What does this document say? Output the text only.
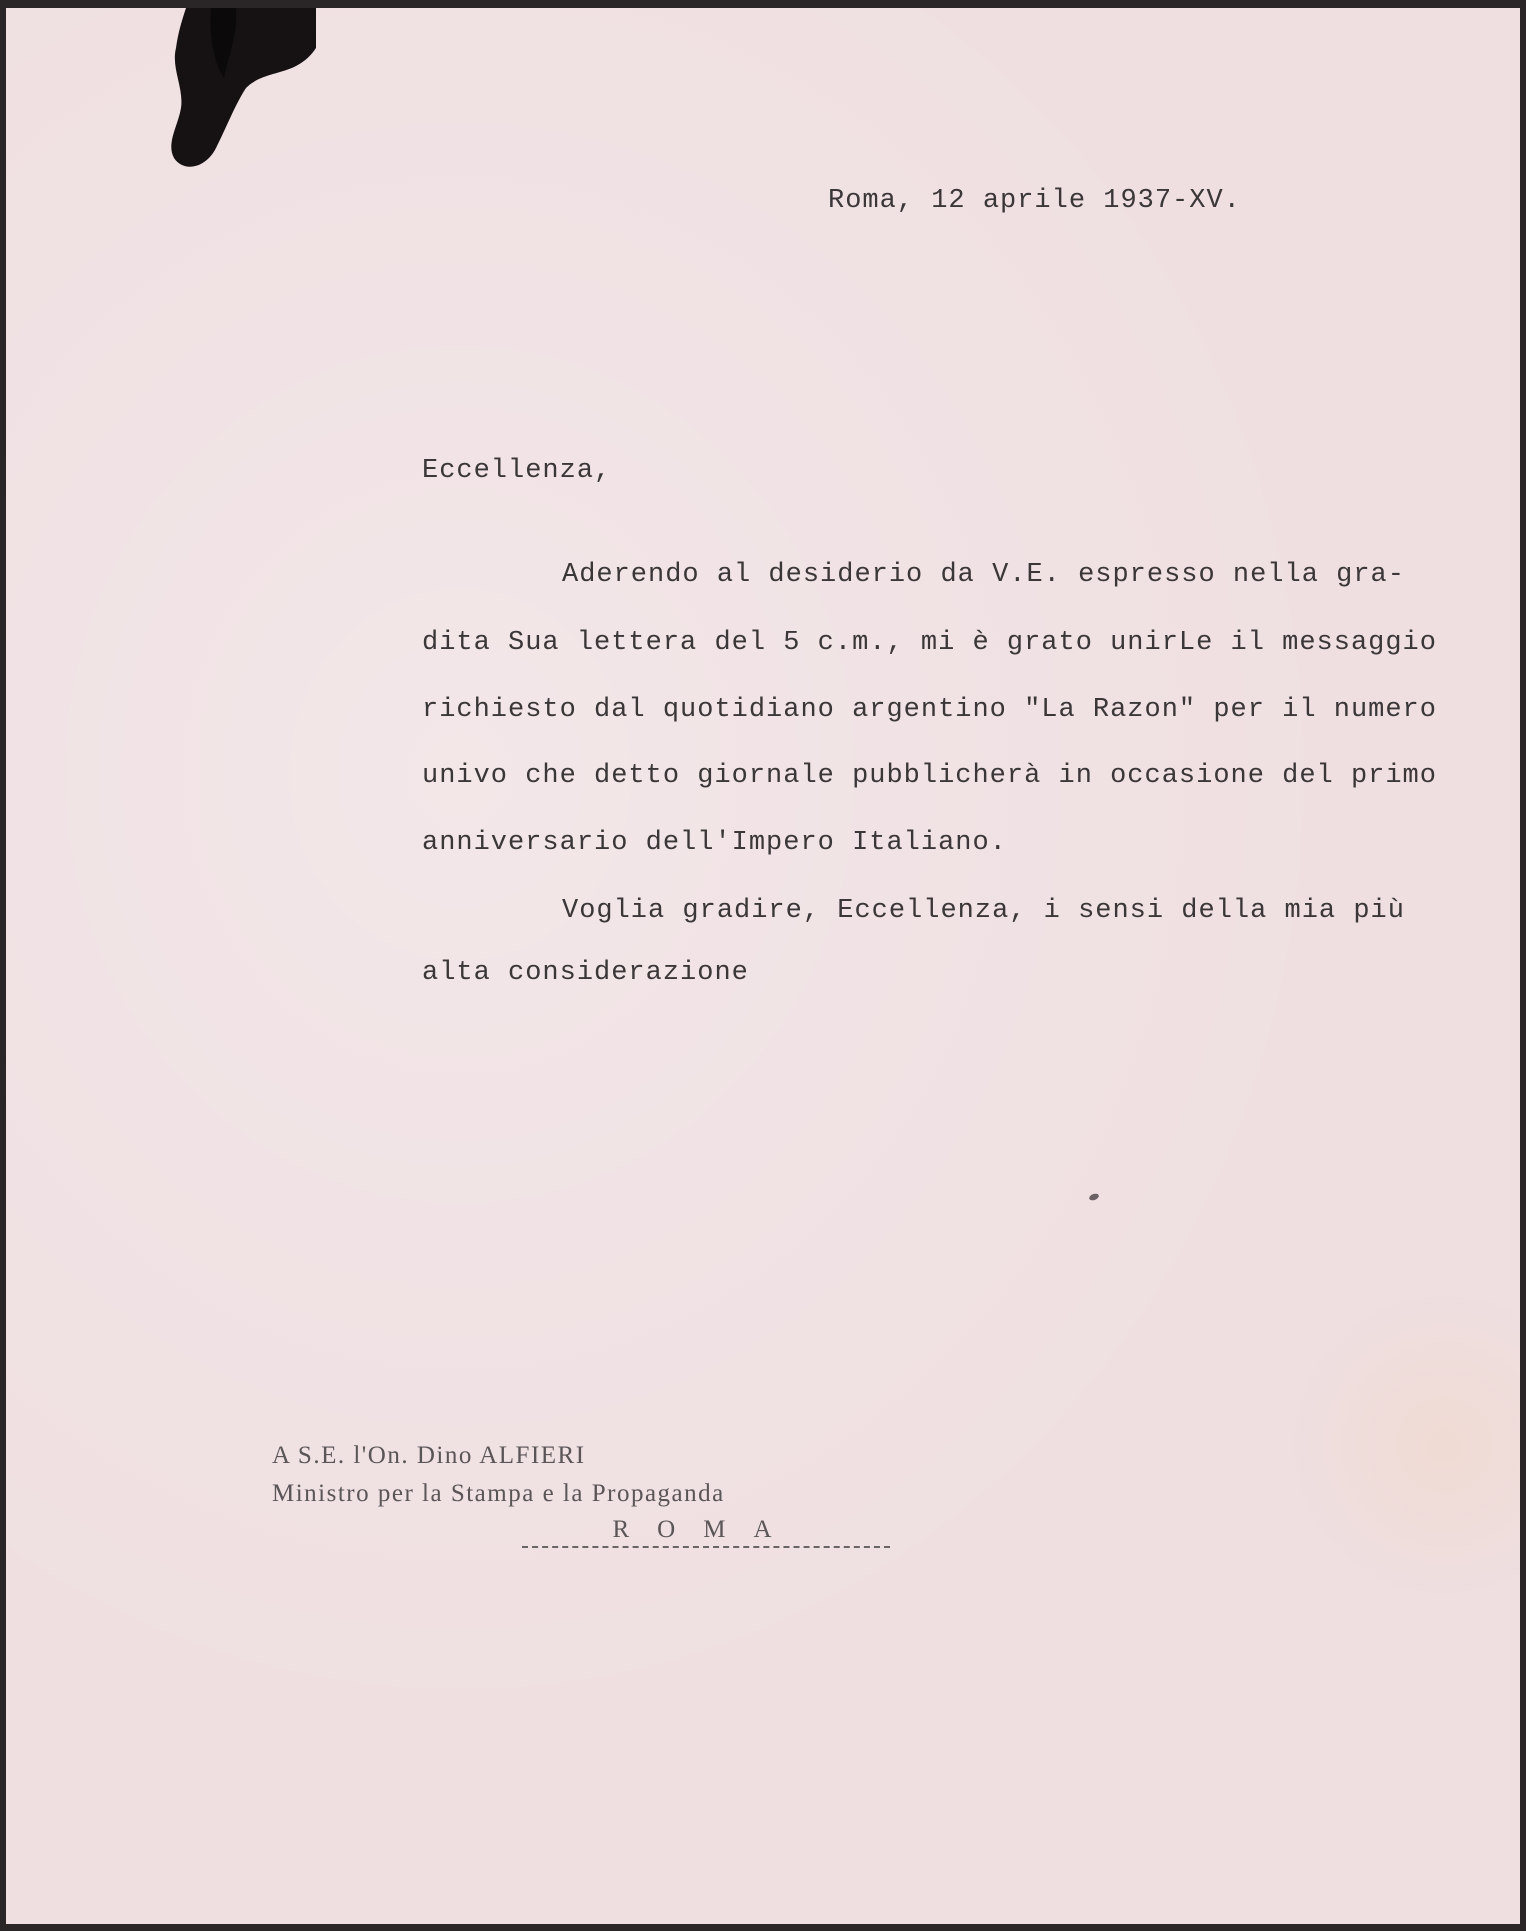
Roma, 12 aprile 1937-XV.
Eccellenza,
Aderendo al desiderio da V.E. espresso nella gra-
dita Sua lettera del 5 c.m., mi è grato unirLe il messaggio
richiesto dal quotidiano argentino "La Razon" per il numero
univo che detto giornale pubblicherà in occasione del primo
anniversario dell'Impero Italiano.
Voglia gradire, Eccellenza, i sensi della mia più
alta considerazione
A S.E. l'On. Dino ALFIERI
Ministro per la Stampa e la Propaganda
ROMA
